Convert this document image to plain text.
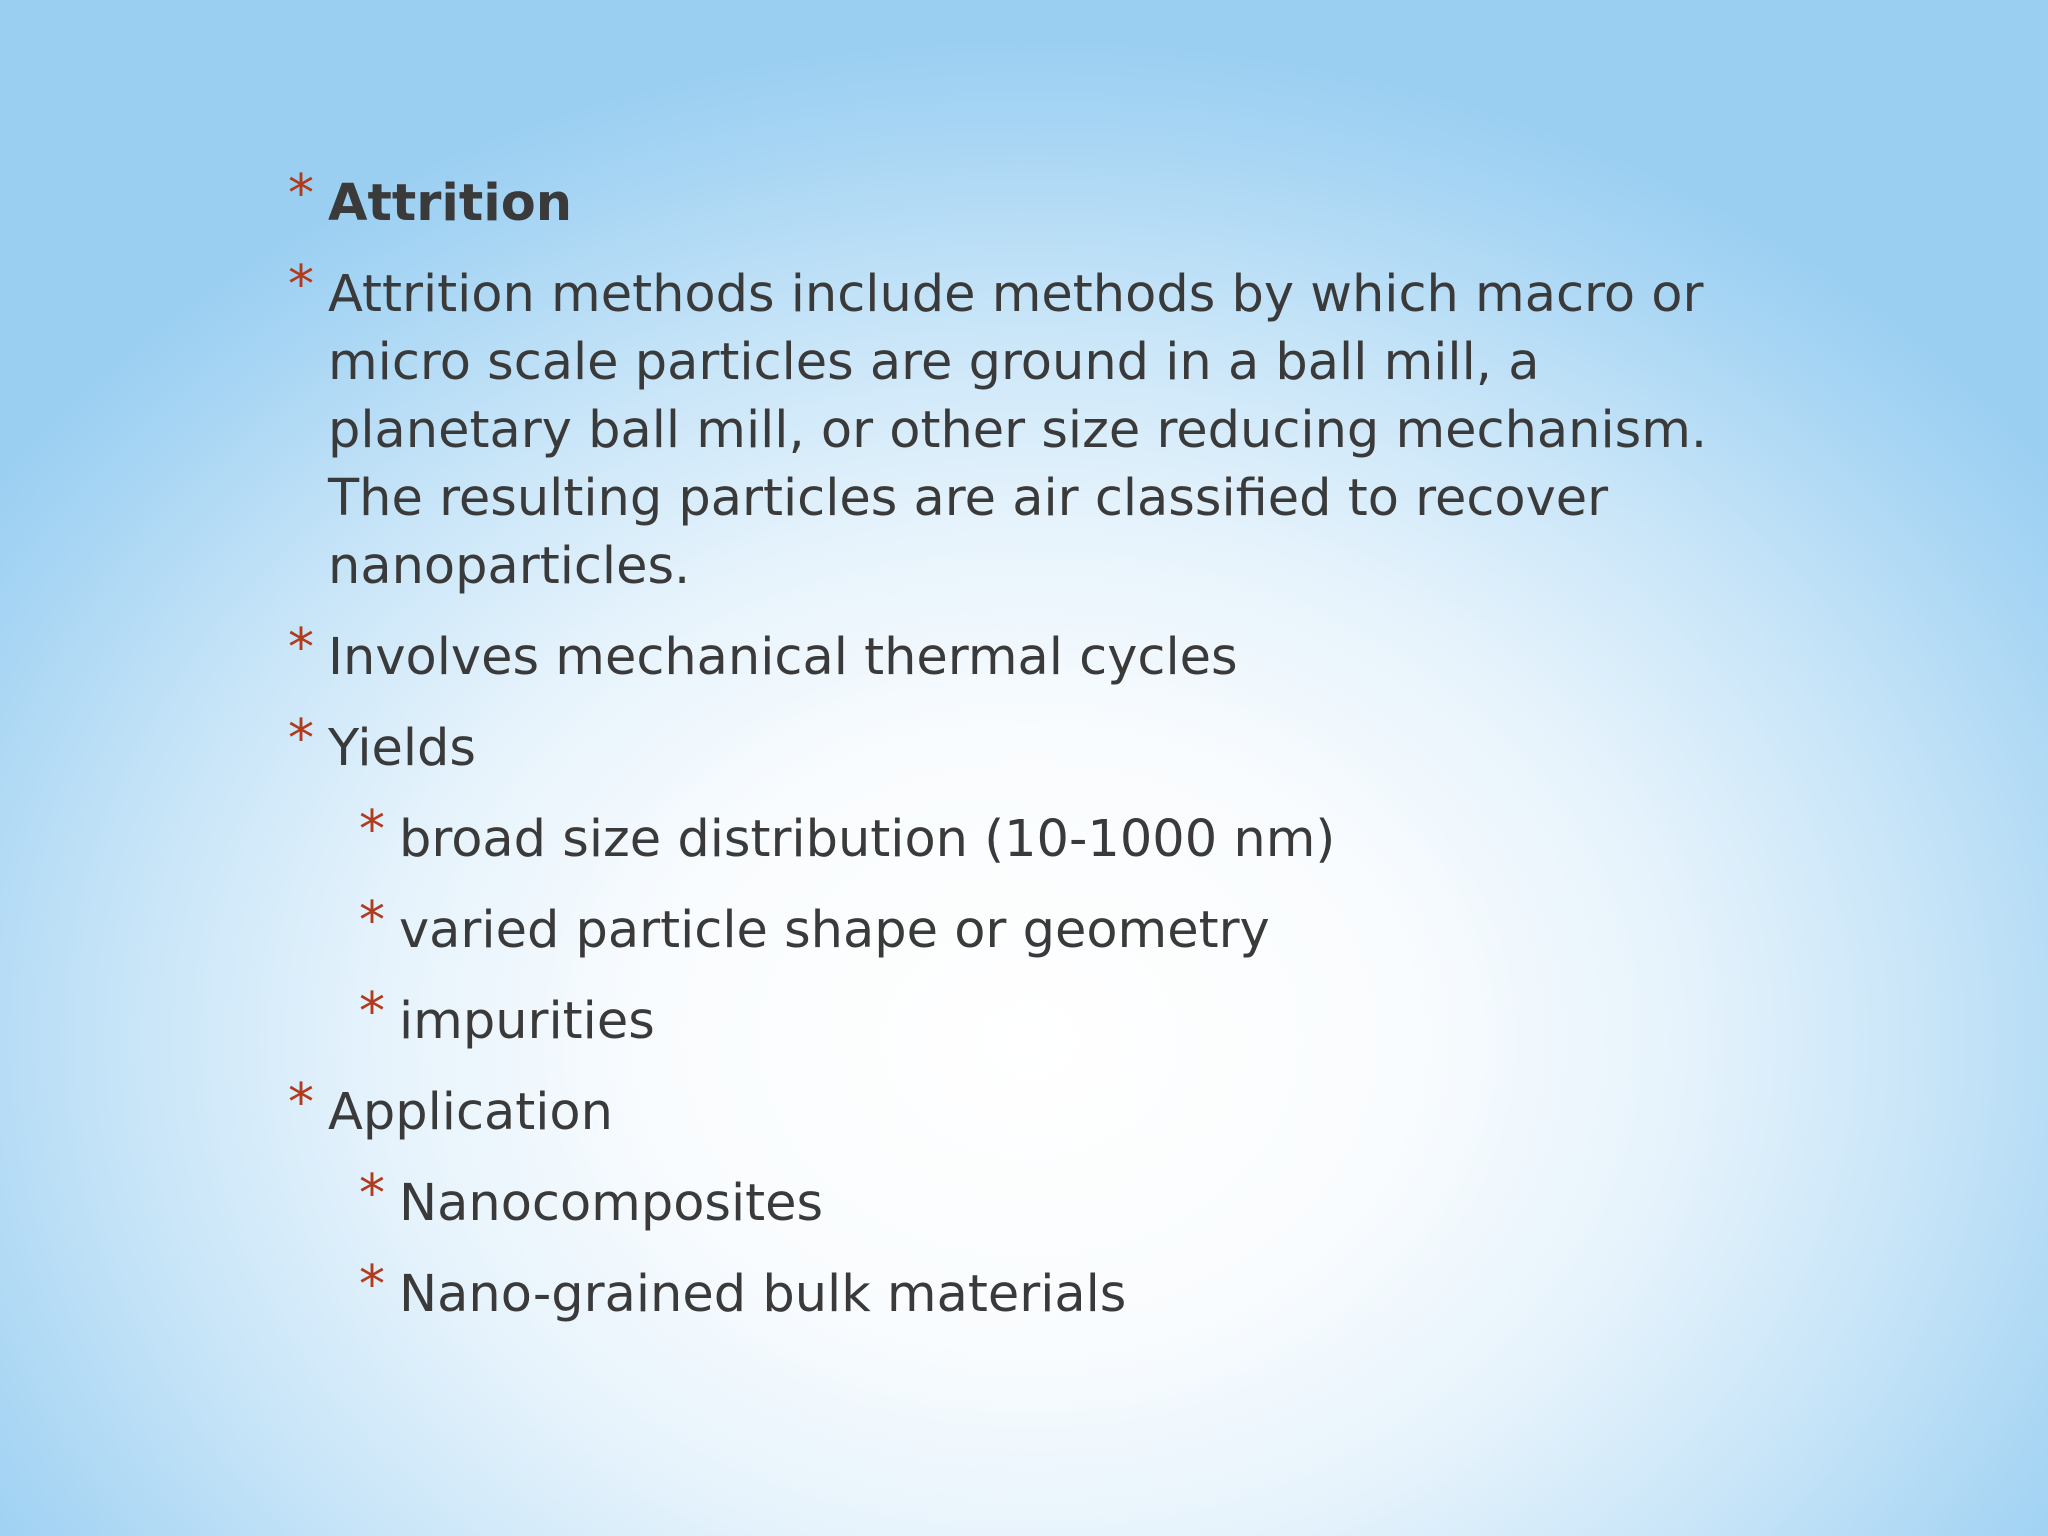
* Attrition
* Attrition methods include methods by which macro or micro scale particles are ground in a ball mill, a planetary ball mill, or other size reducing mechanism. The resulting particles are air classified to recover nanoparticles.
* Involves mechanical thermal cycles
* Yields
* broad size distribution (10-1000 nm)
* varied particle shape or geometry
* impurities
* Application
* Nanocomposites
* Nano-grained bulk materials
